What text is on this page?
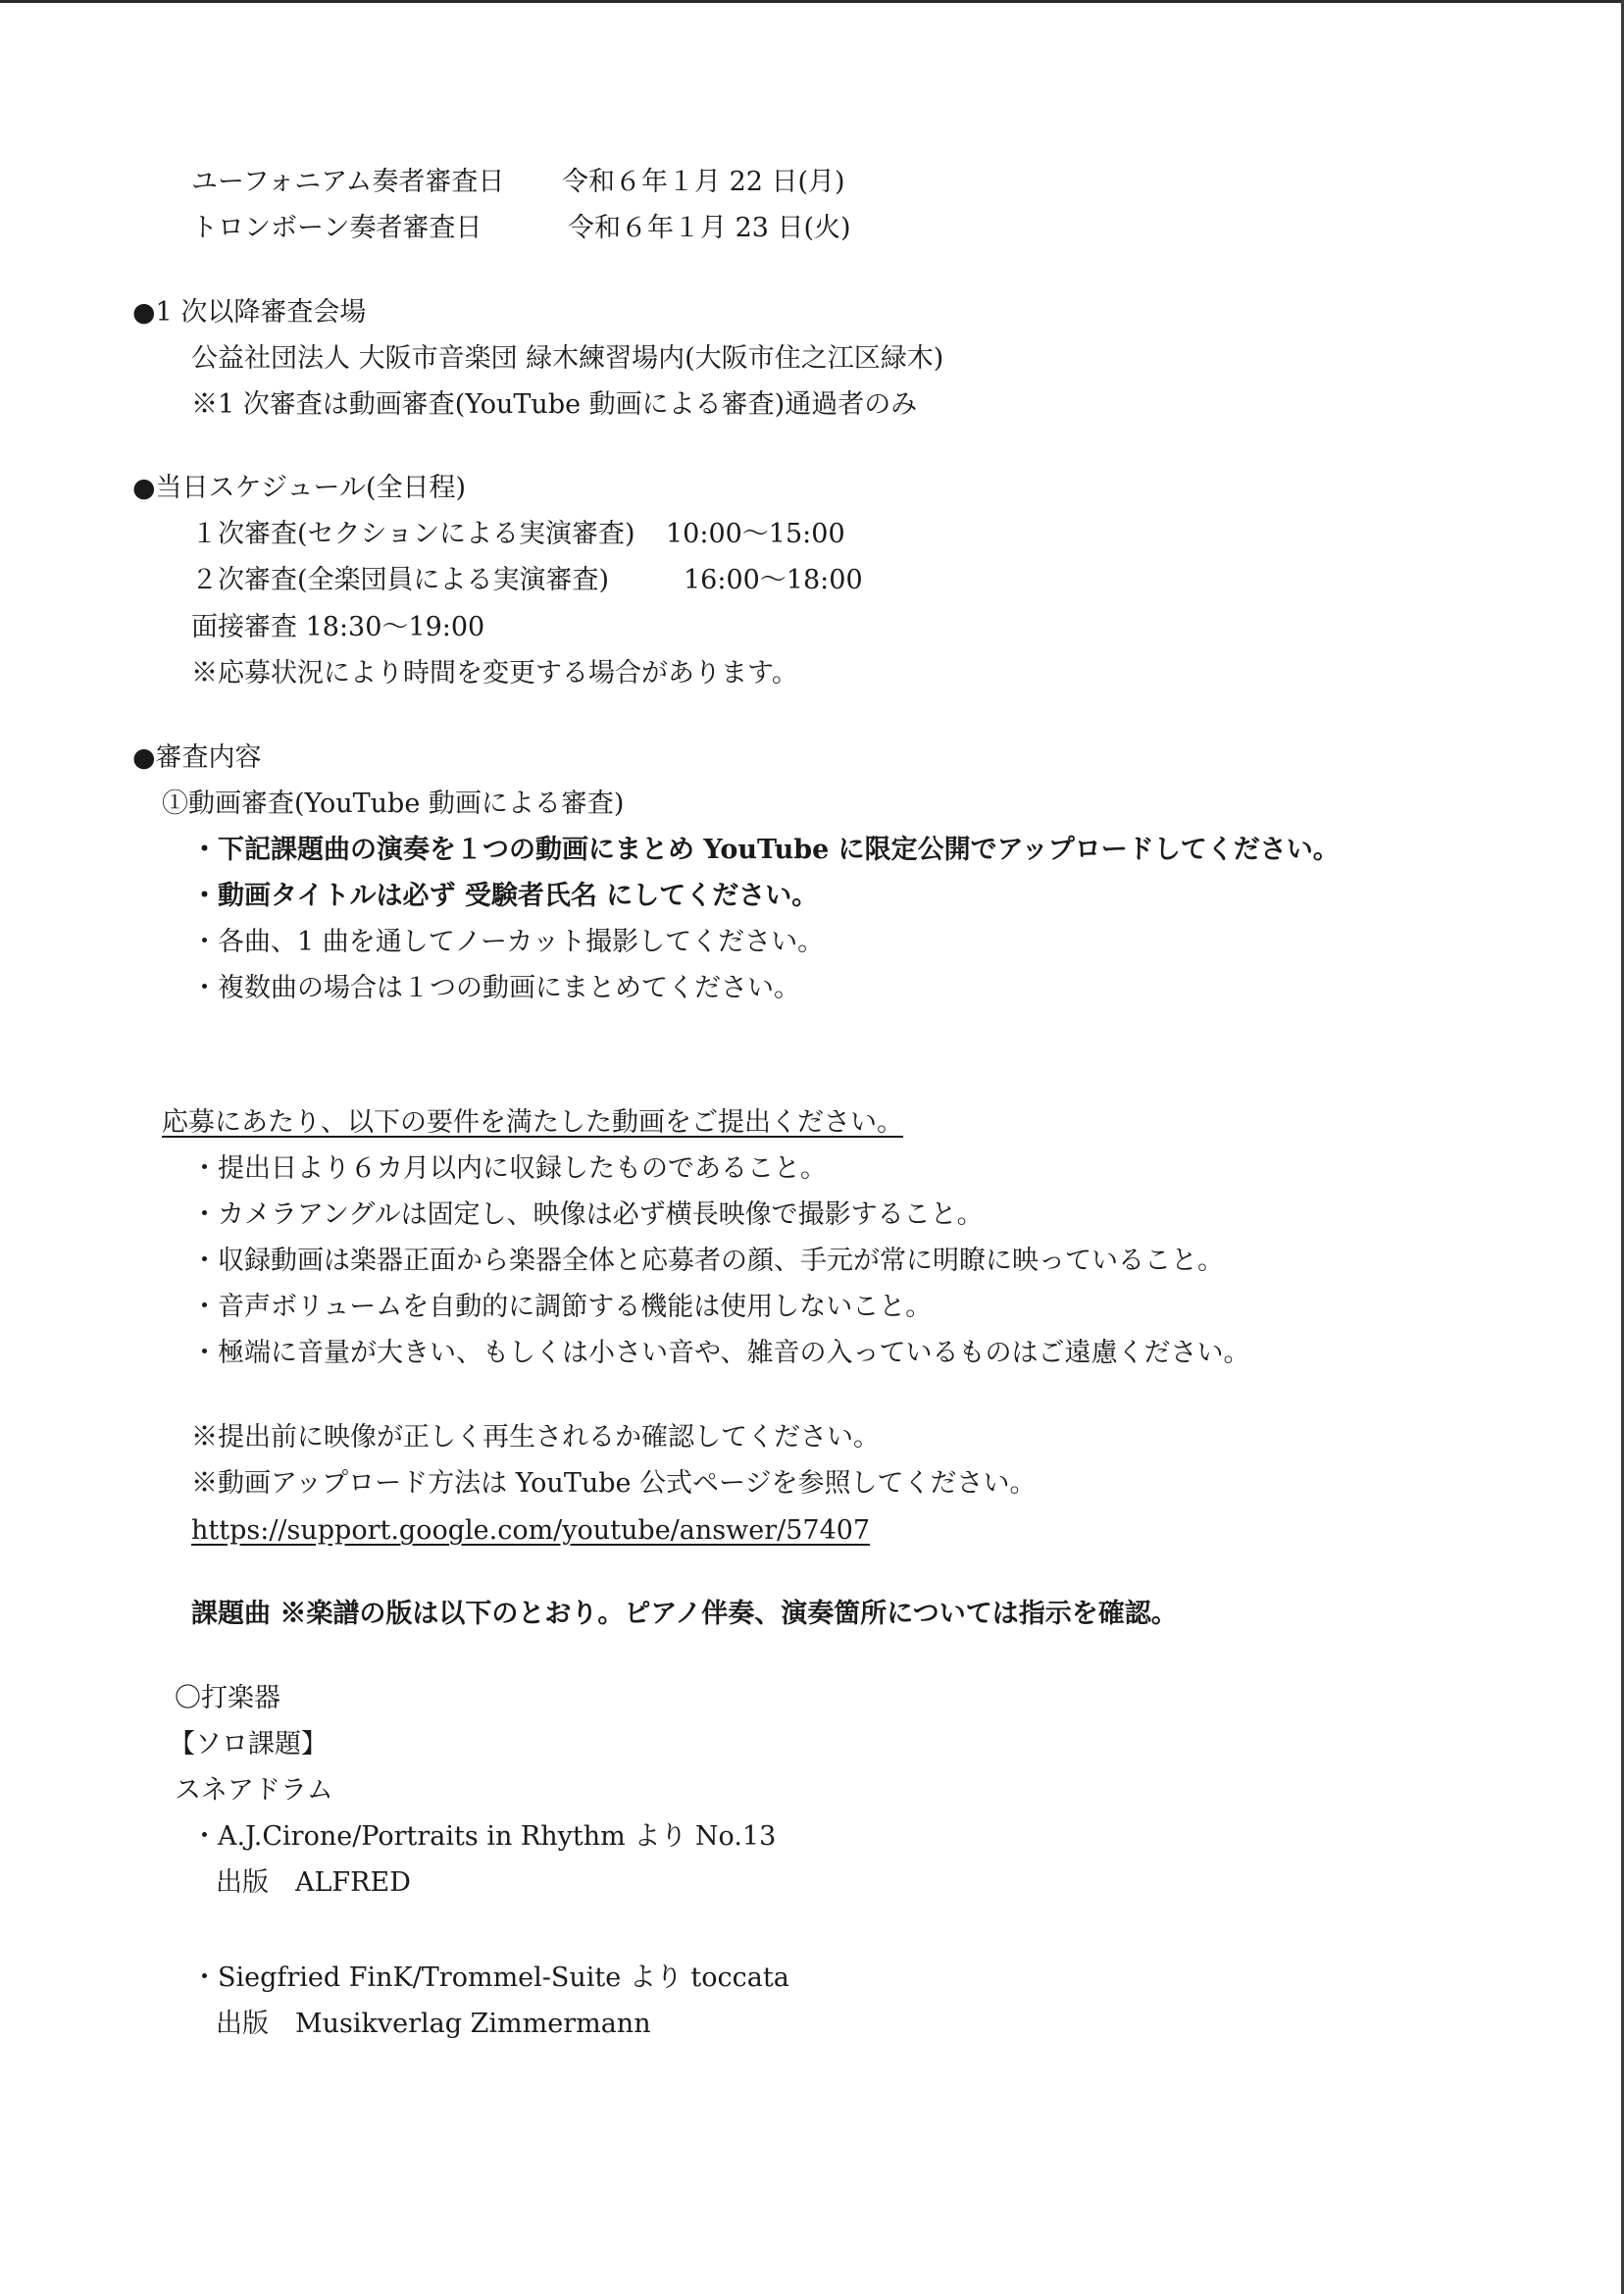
ユーフォニアム奏者審査日 令和６年１月 22 日(月)
トロンボーン奏者審査日	令和６年１月 23 日(火)
●1 次以降審査会場
公益社団法人 大阪市音楽団 緑木練習場内(大阪市住之江区緑木)
※1 次審査は動画審査(YouTube 動画による審査)通過者のみ
●当日スケジュール(全日程)
１次審査(セクションによる実演審査) 10:00～15:00
２次審査(全楽団員による実演審査)	16:00～18:00
面接審査 18:30～19:00
※応募状況により時間を変更する場合があります。
●審査内容
①動画審査(YouTube 動画による審査)
・下記課題曲の演奏を１つの動画にまとめ YouTube に限定公開でアップロードしてください。
・動画タイトルは必ず 受験者氏名 にしてください。
・各曲、1 曲を通してノーカット撮影してください。
・複数曲の場合は１つの動画にまとめてください。
応募にあたり、以下の要件を満たした動画をご提出ください。
・提出日より６カ月以内に収録したものであること。
・カメラアングルは固定し、映像は必ず横長映像で撮影すること。
・収録動画は楽器正面から楽器全体と応募者の顔、手元が常に明瞭に映っていること。
・音声ボリュームを自動的に調節する機能は使用しないこと。
・極端に音量が大きい、もしくは小さい音や、雑音の入っているものはご遠慮ください。
※提出前に映像が正しく再生されるか確認してください。
※動画アップロード方法は YouTube 公式ページを参照してください。
https://support.google.com/youtube/answer/57407
課題曲 ※楽譜の版は以下のとおり。ピアノ伴奏、演奏箇所については指示を確認。
〇打楽器
【ソロ課題】
スネアドラム
・A.J.Cirone/Portraits in Rhythm より No.13
出版　ALFRED
・Siegfried FinK/Trommel-Suite より toccata
出版　Musikverlag Zimmermann
